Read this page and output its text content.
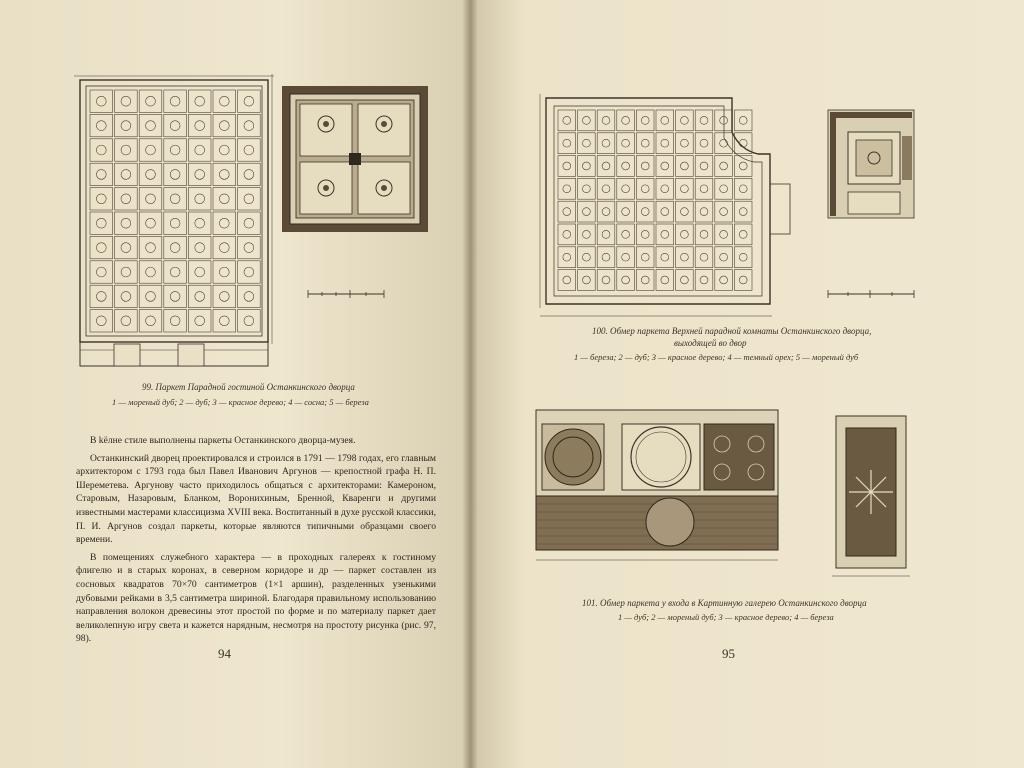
99. Паркет Парадной гостиной Останкинского дворца
1 — мореный дуб; 2 — дуб; 3 — красное дерево; 4 — сосна; 5 — береза

В këлне стиле выполнены паркеты Останкинского дворца-музея.

Останкинский дворец проектировался и строился в 1791 — 1798 годах, его главным архитектором с 1793 года был Павел Иванович Аргунов — крепостной графа Н. П. Шереметева. Аргунову часто приходилось общаться с архитекторами: Камероном, Старовым, Назаровым, Бланком, Воронихиным, Бренной, Кваренги и другими известными мастерами классицизма XVIII века. Воспитанный в духе русской классики, П. И. Аргунов создал паркеты, которые являются типичными образцами своего времени.

В помещениях служебного характера — в проходных галереях к гостиному флигелю и в старых коронах, в северном коридоре и др — паркет составлен из сосновых квадратов 70×70 сантиметров (1×1 аршин), разделенных узенькими дубовыми рейками в 3,5 сантиметра шириной. Благодаря правильному использованию направления волокон древесины этот простой по форме и по материалу паркет дает великолепную игру света и кажется нарядным, несмотря на простоту рисунка (рис. 97, 98).

94
100. Обмер паркета Верхней парадной комнаты Останкинского дворца,
выходящей во двор
1 — береза; 2 — дуб; 3 — красное дерево; 4 — темный орех; 5 — мореный дуб
101. Обмер паркета у входа в Картинную галерею Останкинского дворца
1 — дуб; 2 — мореный дуб; 3 — красное дерево; 4 — береза
95
